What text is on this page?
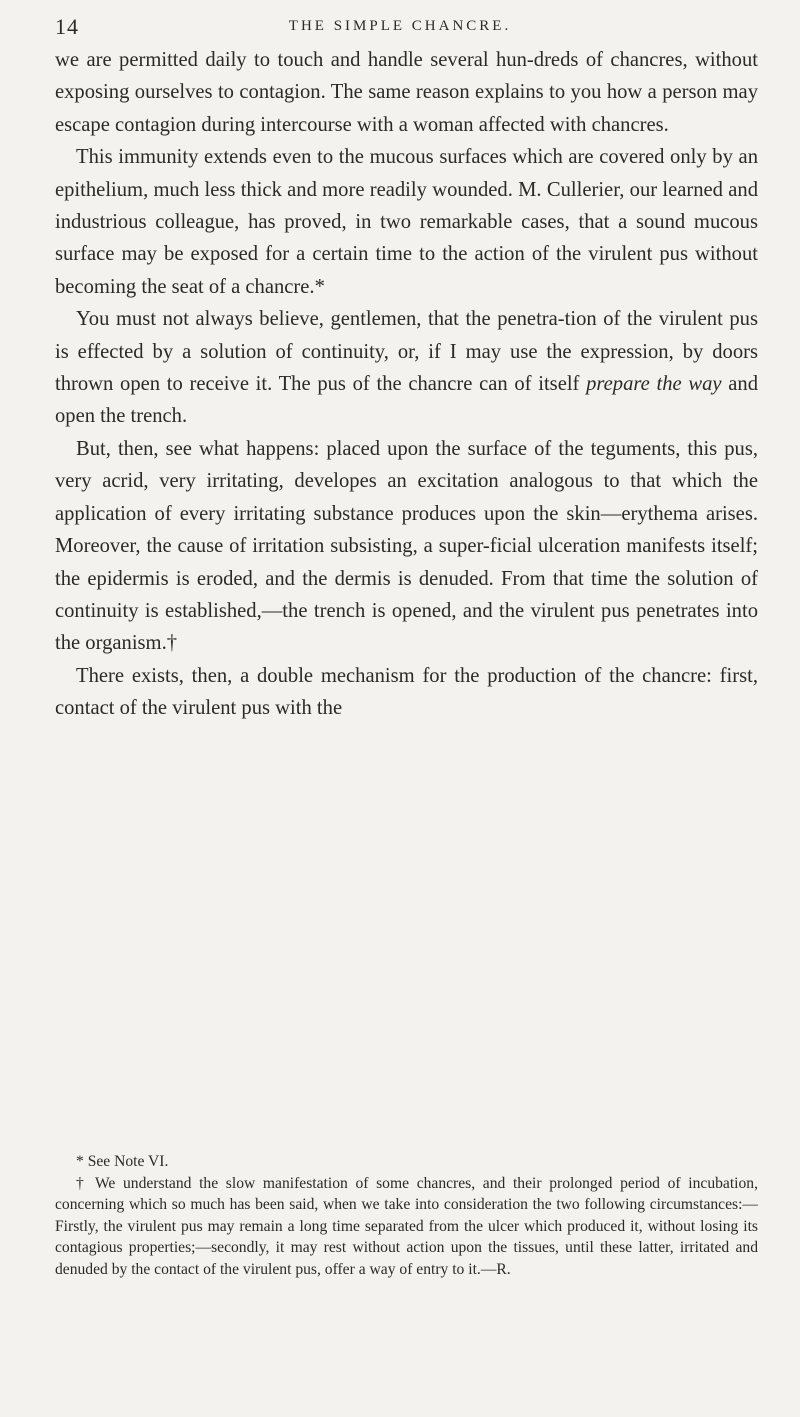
14	THE SIMPLE CHANCRE.

we are permitted daily to touch and handle several hun-dreds of chancres, without exposing ourselves to contagion. The same reason explains to you how a person may escape contagion during intercourse with a woman affected with chancres.

This immunity extends even to the mucous surfaces which are covered only by an epithelium, much less thick and more readily wounded. M. Cullerier, our learned and industrious colleague, has proved, in two remarkable cases, that a sound mucous surface may be exposed for a certain time to the action of the virulent pus without becoming the seat of a chancre.*

You must not always believe, gentlemen, that the penetra-tion of the virulent pus is effected by a solution of continuity, or, if I may use the expression, by doors thrown open to receive it. The pus of the chancre can of itself prepare the way and open the trench.

But, then, see what happens: placed upon the surface of the teguments, this pus, very acrid, very irritating, developes an excitation analogous to that which the application of every irritating substance produces upon the skin—erythema arises. Moreover, the cause of irritation subsisting, a super-ficial ulceration manifests itself; the epidermis is eroded, and the dermis is denuded. From that time the solution of continuity is established,—the trench is opened, and the virulent pus penetrates into the organism.†

There exists, then, a double mechanism for the production of the chancre: first, contact of the virulent pus with the

* See Note VI.

† We understand the slow manifestation of some chancres, and their prolonged period of incubation, concerning which so much has been said, when we take into consideration the two following circumstances:— Firstly, the virulent pus may remain a long time separated from the ulcer which produced it, without losing its contagious properties;—secondly, it may rest without action upon the tissues, until these latter, irritated and denuded by the contact of the virulent pus, offer a way of entry to it.—R.
